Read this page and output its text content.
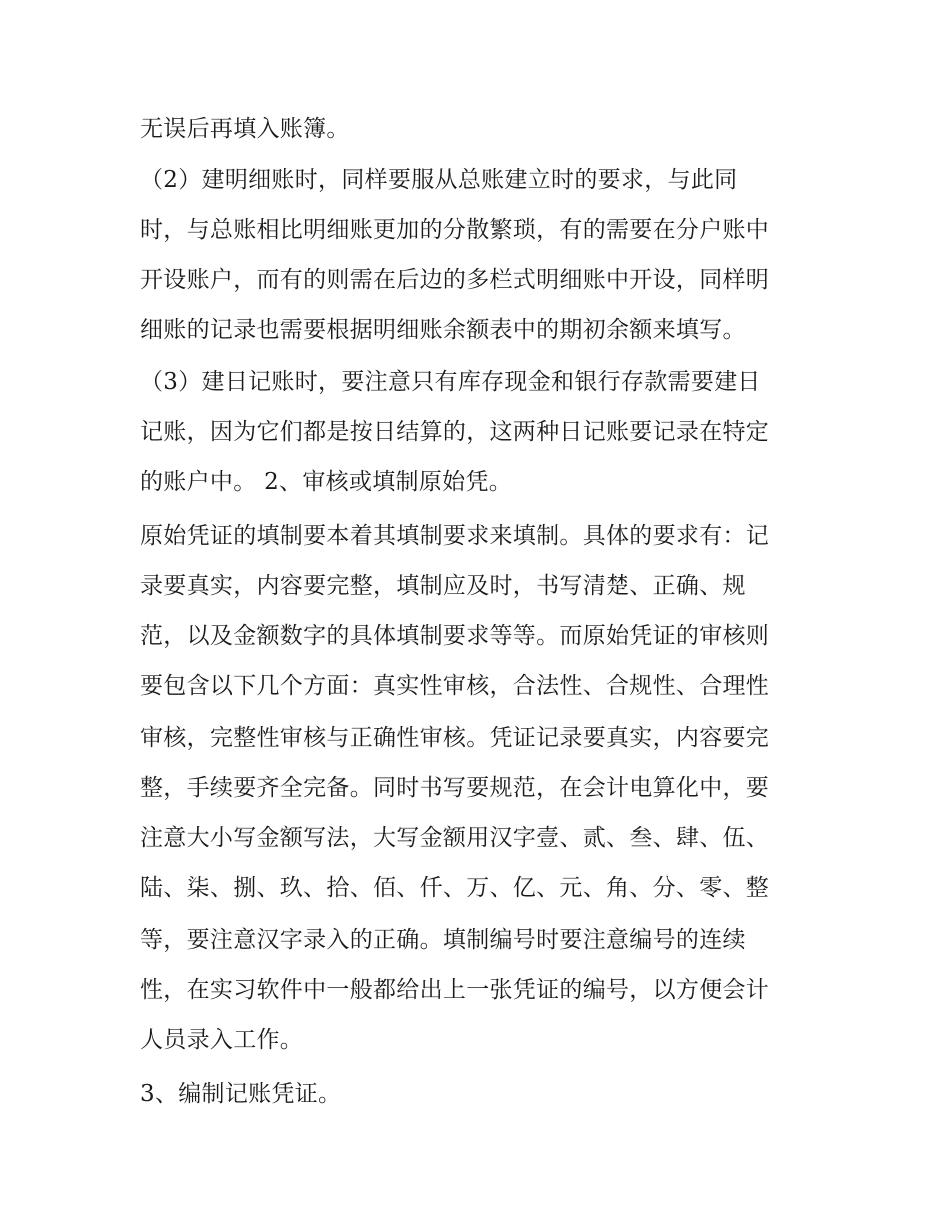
无误后再填入账簿。

（2）建明细账时，同样要服从总账建立时的要求，与此同

时，与总账相比明细账更加的分散繁琐，有的需要在分户账中

开设账户，而有的则需在后边的多栏式明细账中开设，同样明

细账的记录也需要根据明细账余额表中的期初余额来填写。

（3）建日记账时，要注意只有库存现金和银行存款需要建日

记账，因为它们都是按日结算的，这两种日记账要记录在特定

的账户中。 2、审核或填制原始凭。

原始凭证的填制要本着其填制要求来填制。具体的要求有：记

录要真实，内容要完整，填制应及时，书写清楚、正确、规

范，以及金额数字的具体填制要求等等。而原始凭证的审核则

要包含以下几个方面：真实性审核，合法性、合规性、合理性

审核，完整性审核与正确性审核。凭证记录要真实，内容要完

整，手续要齐全完备。同时书写要规范，在会计电算化中，要

注意大小写金额写法，大写金额用汉字壹、贰、叁、肆、伍、

陆、柒、捌、玖、拾、佰、仟、万、亿、元、角、分、零、整

等，要注意汉字录入的正确。填制编号时要注意编号的连续

性，在实习软件中一般都给出上一张凭证的编号，以方便会计

人员录入工作。

3、编制记账凭证。
